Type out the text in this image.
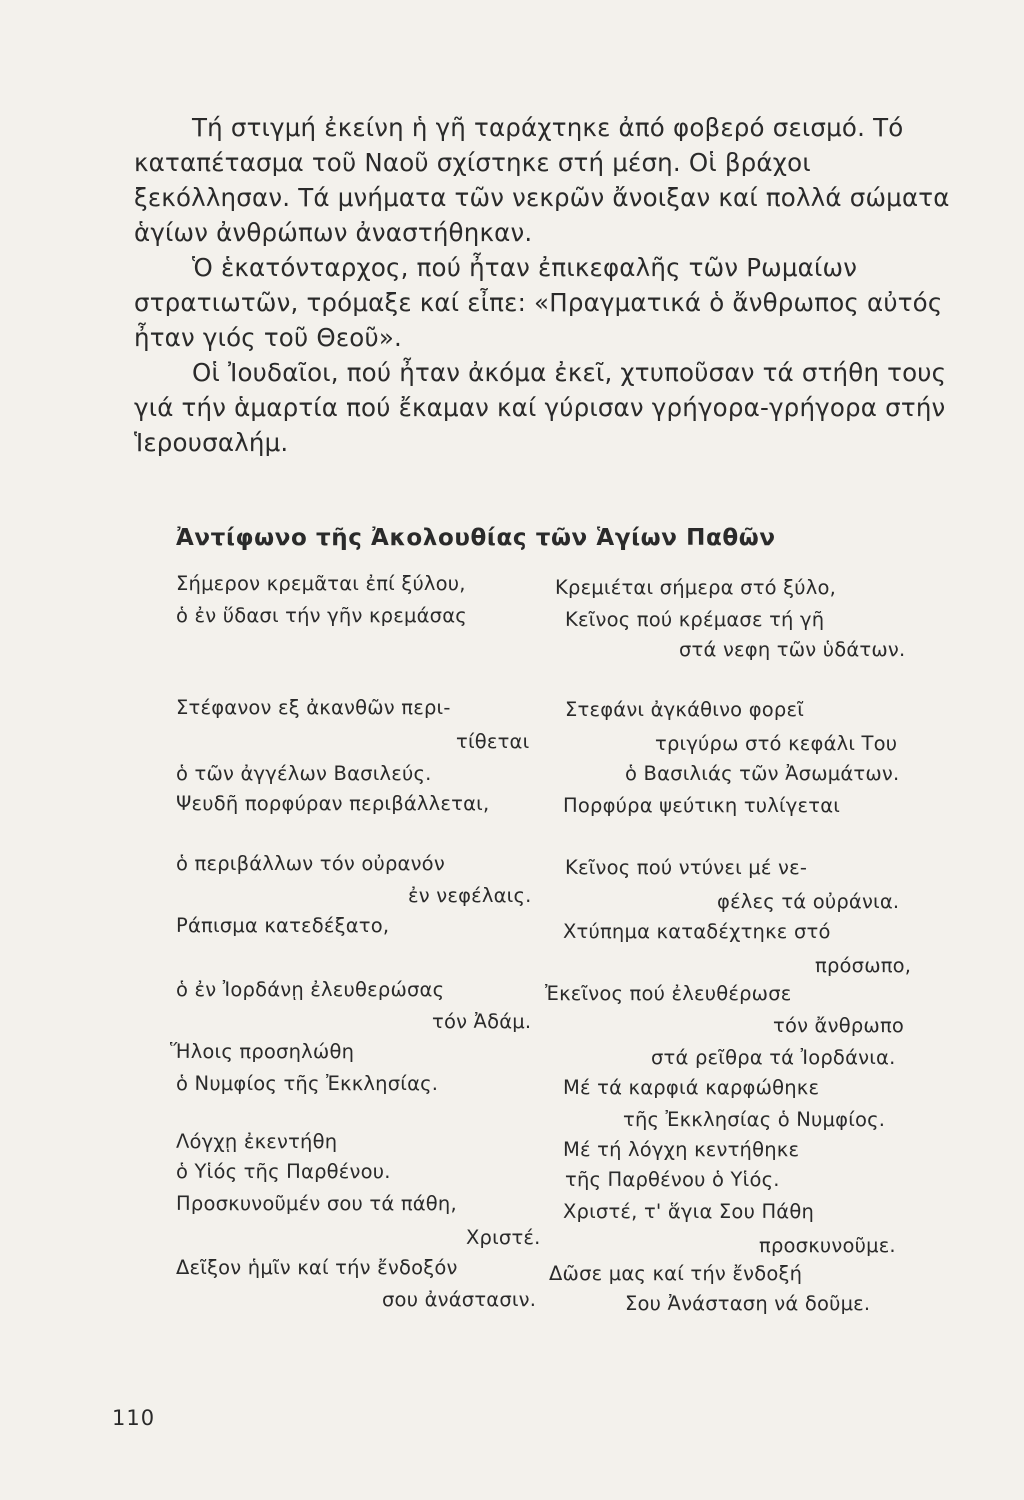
Τή στιγμή ἐκείνη ἡ γῆ ταράχτηκε ἀπό φοβερό σεισμό. Τό καταπέτασμα τοῦ Ναοῦ σχίστηκε στή μέση. Οἱ βράχοι ξεκόλλησαν. Τά μνήματα τῶν νεκρῶν ἄνοιξαν καί πολλά σώματα ἁγίων ἀνθρώπων ἀναστήθηκαν.

Ὁ ἑκατόνταρχος, πού ἦταν ἐπικεφαλῆς τῶν Ρωμαίων στρατιωτῶν, τρόμαξε καί εἶπε: «Πραγματικά ὁ ἄνθρωπος αὐτός ἦταν γιός τοῦ Θεοῦ».

Οἱ Ἰουδαῖοι, πού ἦταν ἀκόμα ἐκεῖ, χτυποῦσαν τά στήθη τους γιά τήν ἁμαρτία πού ἔκαμαν καί γύρισαν γρήγορα-γρήγορα στήν Ἱερουσαλήμ.

Ἀντίφωνο τῆς Ἀκολουθίας τῶν Ἁγίων Παθῶν
Σήμερον κρεμᾶται ἐπί ξύλου,
ὁ ἐν ὕδασι τήν γῆν κρεμάσας
Στέφανον εξ ἀκανθῶν περι-
τίθεται
ὁ τῶν ἀγγέλων Βασιλεύς.
Ψευδῆ πορφύραν περιβάλλεται,
ὁ περιβάλλων τόν οὐρανόν
ἐν νεφέλαις.
Ράπισμα κατεδέξατο,
ὁ ἐν Ἰορδάνῃ ἐλευθερώσας
τόν Ἀδάμ.
Ἥλοις προσηλώθη
ὁ Νυμφίος τῆς Ἐκκλησίας.
Λόγχῃ ἐκεντήθη
ὁ Υἱός τῆς Παρθένου.
Προσκυνοῦμέν σου τά πάθη,
Χριστέ.
Δεῖξον ἡμῖν καί τήν ἔνδοξόν
σου ἀνάστασιν.
Κρεμιέται σήμερα στό ξύλο,
Κεῖνος πού κρέμασε τή γῆ
στά νεφη τῶν ὑδάτων.
Στεφάνι ἀγκάθινο φορεῖ
τριγύρω στό κεφάλι Του
ὁ Βασιλιάς τῶν Ἀσωμάτων.
Πορφύρα ψεύτικη τυλίγεται
Κεῖνος πού ντύνει μέ νε-
φέλες τά οὐράνια.
Χτύπημα καταδέχτηκε στό
πρόσωπο,
Ἐκεῖνος πού ἐλευθέρωσε
τόν ἄνθρωπο
στά ρεῖθρα τά Ἰορδάνια.
Μέ τά καρφιά καρφώθηκε
τῆς Ἐκκλησίας ὁ Νυμφίος.
Μέ τή λόγχη κεντήθηκε
τῆς Παρθένου ὁ Υἱός.
Χριστέ, τ' ἅγια Σου Πάθη
προσκυνοῦμε.
Δῶσε μας καί τήν ἔνδοξή
Σου Ἀνάσταση νά δοῦμε.
110
